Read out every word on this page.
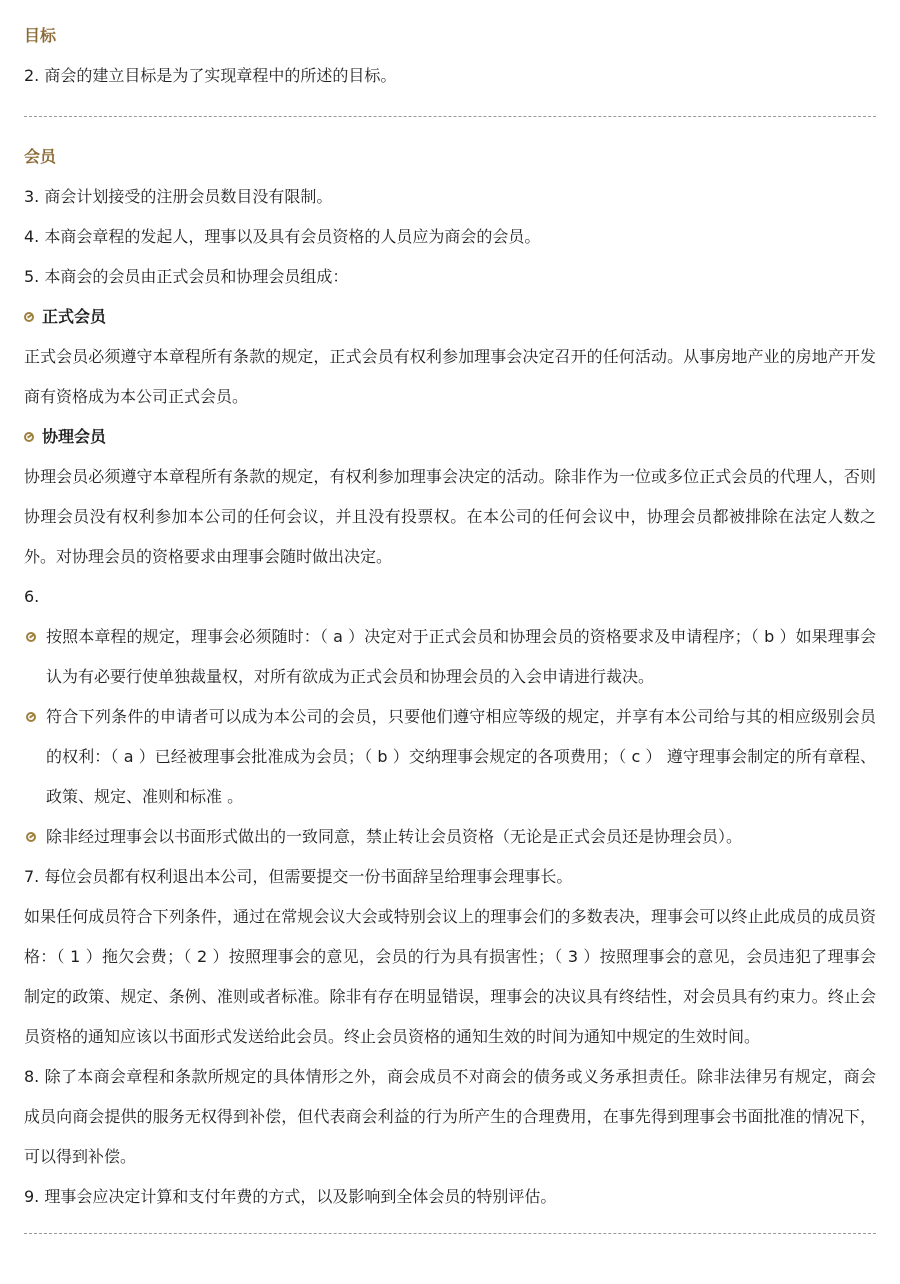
目标

2. 商会的建立目标是为了实现章程中的所述的目标。

会员

3. 商会计划接受的注册会员数目没有限制。

4. 本商会章程的发起人，理事以及具有会员资格的人员应为商会的会员。

5. 本商会的会员由正式会员和协理会员组成：

正式会员

正式会员必须遵守本章程所有条款的规定，正式会员有权利参加理事会决定召开的任何活动。从事房地产业的房地产开发商有资格成为本公司正式会员。

协理会员

协理会员必须遵守本章程所有条款的规定，有权利参加理事会决定的活动。除非作为一位或多位正式会员的代理人，否则协理会员没有权利参加本公司的任何会议，并且没有投票权。在本公司的任何会议中，协理会员都被排除在法定人数之外。对协理会员的资格要求由理事会随时做出决定。

6.

按照本章程的规定，理事会必须随时：（ a ）决定对于正式会员和协理会员的资格要求及申请程序；（ b ）如果理事会认为有必要行使单独裁量权，对所有欲成为正式会员和协理会员的入会申请进行裁决。
符合下列条件的申请者可以成为本公司的会员，只要他们遵守相应等级的规定，并享有本公司给与其的相应级别会员的权利：（ a ）已经被理事会批准成为会员；（ b ）交纳理事会规定的各项费用；（ c ） 遵守理事会制定的所有章程、政策、规定、准则和标准 。
除非经过理事会以书面形式做出的一致同意，禁止转让会员资格（无论是正式会员还是协理会员）。

7. 每位会员都有权利退出本公司，但需要提交一份书面辞呈给理事会理事长。

如果任何成员符合下列条件，通过在常规会议大会或特别会议上的理事会们的多数表决，理事会可以终止此成员的成员资格：（ 1 ）拖欠会费；（ 2 ）按照理事会的意见，会员的行为具有损害性；（ 3 ）按照理事会的意见，会员违犯了理事会制定的政策、规定、条例、准则或者标准。除非有存在明显错误，理事会的决议具有终结性，对会员具有约束力。终止会员资格的通知应该以书面形式发送给此会员。终止会员资格的通知生效的时间为通知中规定的生效时间。

8. 除了本商会章程和条款所规定的具体情形之外，商会成员不对商会的债务或义务承担责任。除非法律另有规定，商会成员向商会提供的服务无权得到补偿，但代表商会利益的行为所产生的合理费用，在事先得到理事会书面批准的情况下，可以得到补偿。

9. 理事会应决定计算和支付年费的方式，以及影响到全体会员的特别评估。
